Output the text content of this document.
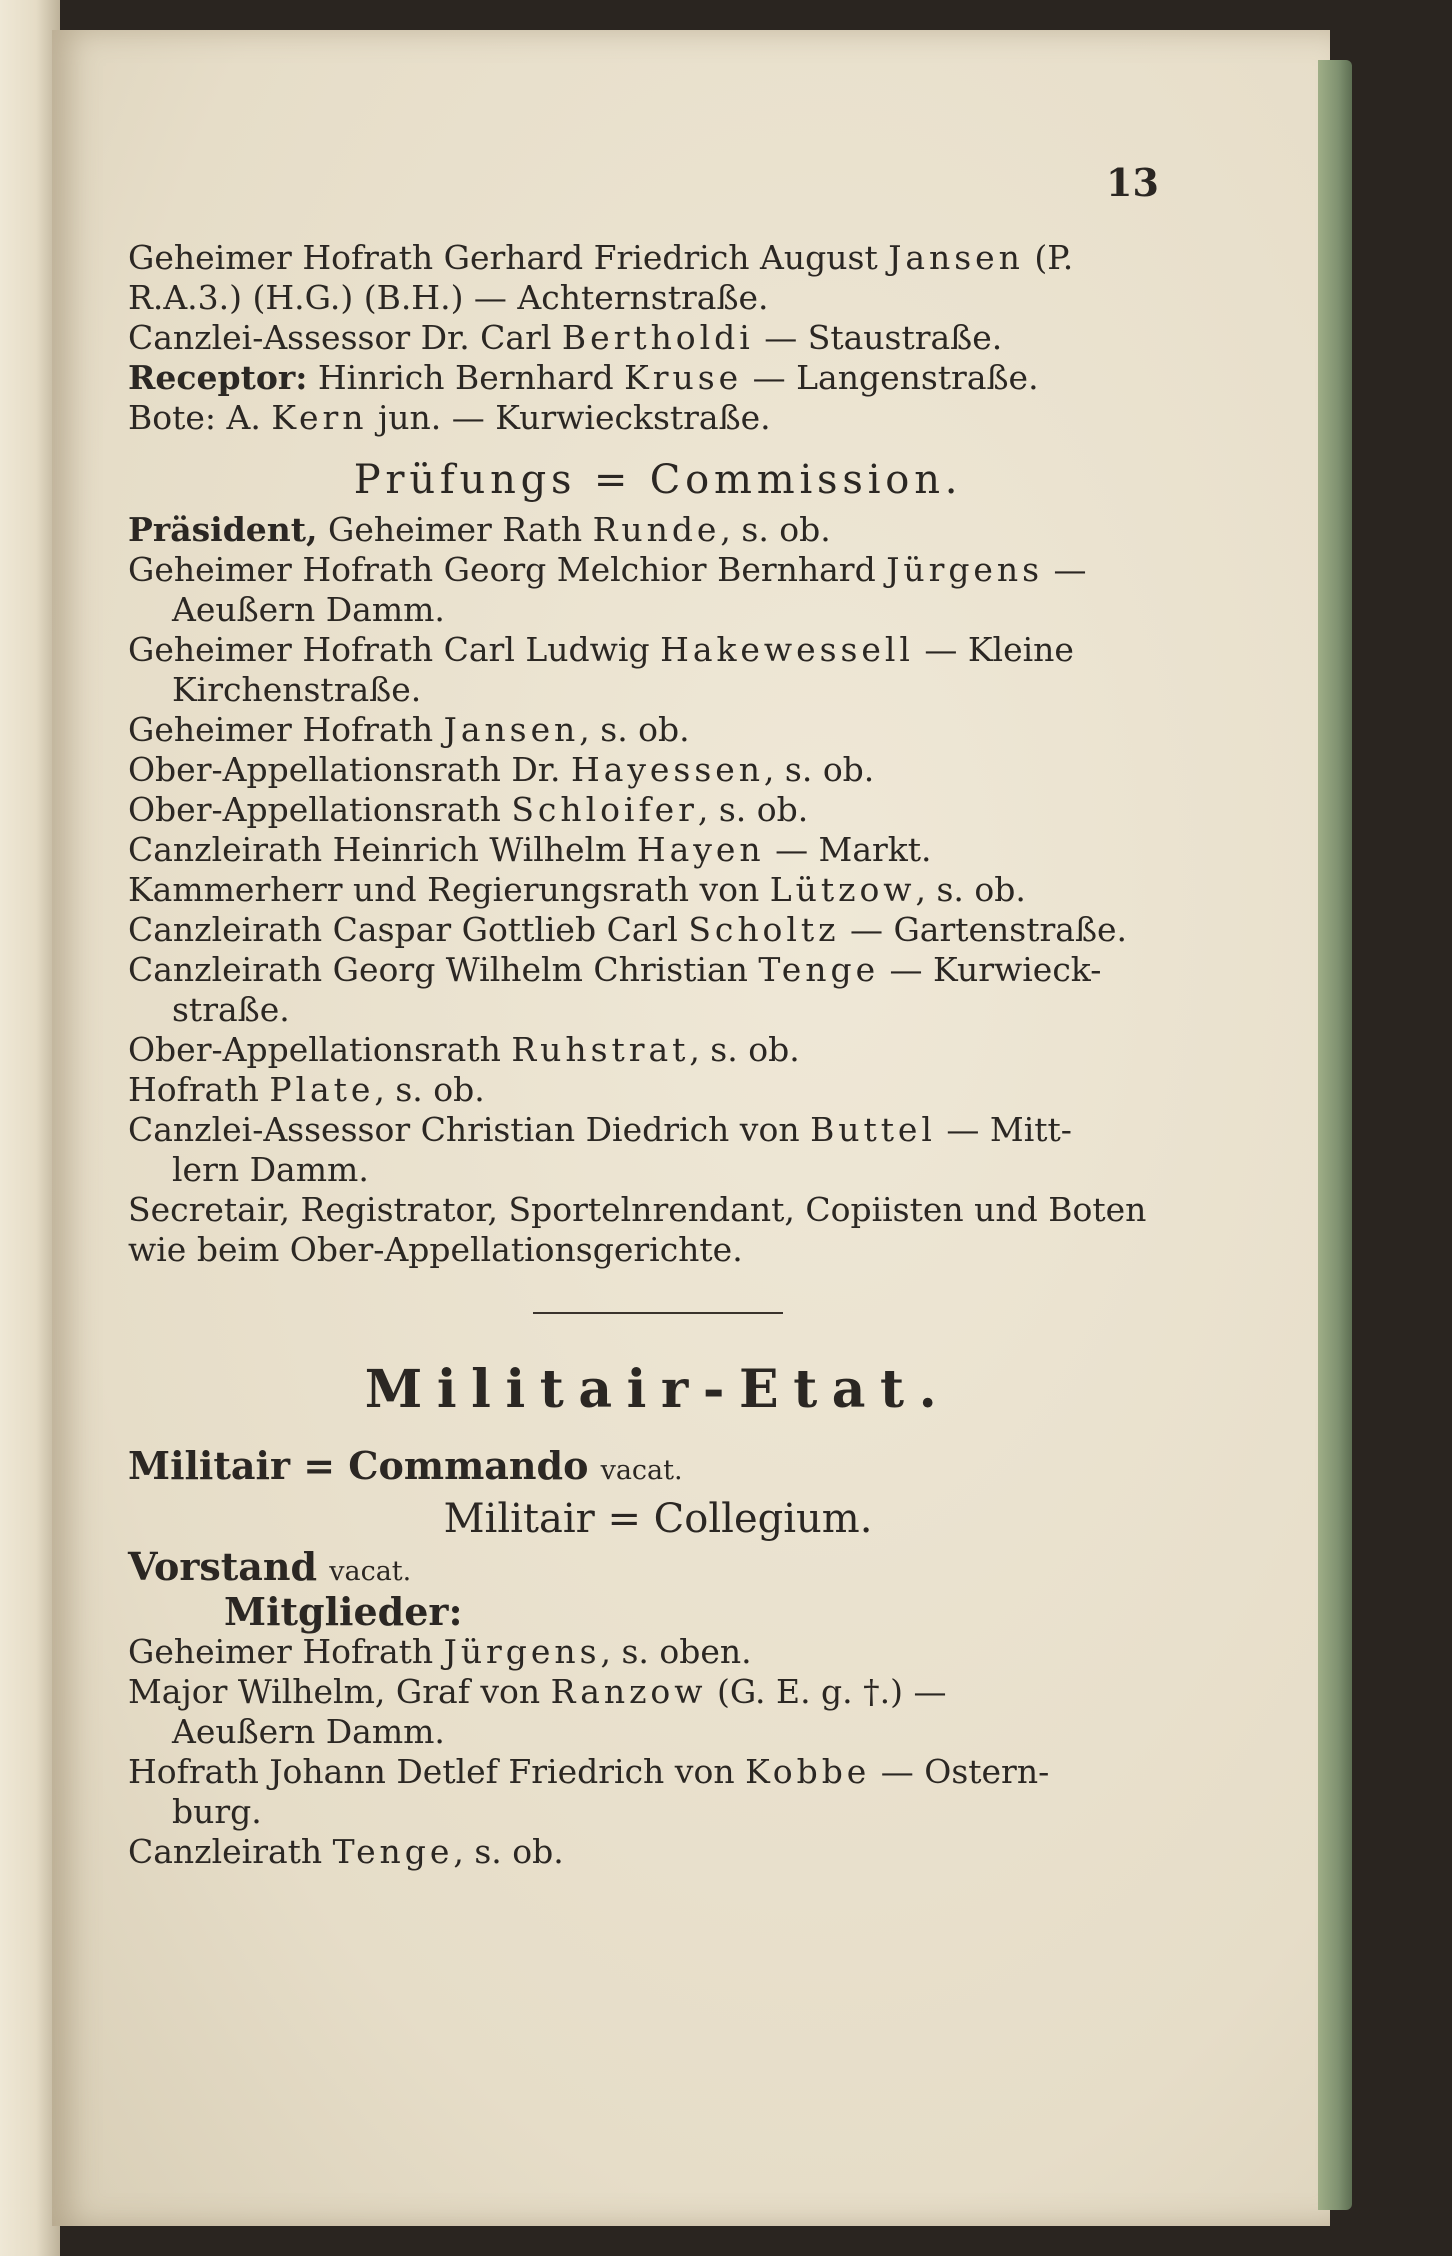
13
Geheimer Hofrath Gerhard Friedrich August Jansen (P.
R.A.3.) (H.G.) (B.H.) — Achternstraße.
Canzlei-Assessor Dr. Carl Bertholdi — Staustraße.
Receptor: Hinrich Bernhard Kruse — Langenstraße.
Bote: A. Kern jun. — Kurwieckstraße.
Prüfungs = Commission.
Präsident, Geheimer Rath Runde, s. ob.
Geheimer Hofrath Georg Melchior Bernhard Jürgens —
Aeußern Damm.
Geheimer Hofrath Carl Ludwig Hakewessell — Kleine
Kirchenstraße.
Geheimer Hofrath Jansen, s. ob.
Ober-Appellationsrath Dr. Hayessen, s. ob.
Ober-Appellationsrath Schloifer, s. ob.
Canzleirath Heinrich Wilhelm Hayen — Markt.
Kammerherr und Regierungsrath von Lützow, s. ob.
Canzleirath Caspar Gottlieb Carl Scholtz — Gartenstraße.
Canzleirath Georg Wilhelm Christian Tenge — Kurwieck-
straße.
Ober-Appellationsrath Ruhstrat, s. ob.
Hofrath Plate, s. ob.
Canzlei-Assessor Christian Diedrich von Buttel — Mitt-
lern Damm.
Secretair, Registrator, Sportelnrendant, Copiisten und Boten
wie beim Ober-Appellationsgerichte.
Militair-Etat.
Militair = Commando vacat.
Militair = Collegium.
Vorstand vacat.
Mitglieder:
Geheimer Hofrath Jürgens, s. oben.
Major Wilhelm, Graf von Ranzow (G. E. g. †.) —
Aeußern Damm.
Hofrath Johann Detlef Friedrich von Kobbe — Ostern-
burg.
Canzleirath Tenge, s. ob.
